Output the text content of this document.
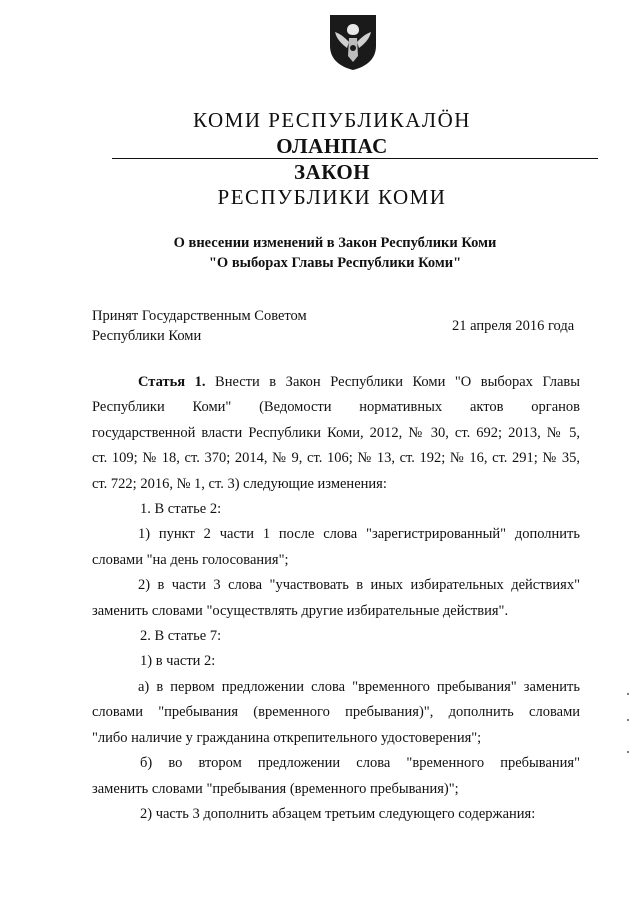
КОМИ РЕСПУБЛИКАЛӦН
ОЛАНПАС
ЗАКОН
РЕСПУБЛИКИ КОМИ
О внесении изменений в Закон Республики Коми
"О выборах Главы Республики Коми"
Принят Государственным Советом
Республики Коми
21 апреля 2016 года

Статья 1. Внести в Закон Республики Коми "О выборах Главы

Республики Коми" (Ведомости нормативных актов органов

государственной власти Республики Коми, 2012, № 30, ст. 692; 2013, № 5,

ст. 109; № 18, ст. 370; 2014, № 9, ст. 106; № 13, ст. 192; № 16, ст. 291; № 35,

ст. 722; 2016, № 1, ст. 3) следующие изменения:

1. В статье 2:

1) пункт 2 части 1 после слова "зарегистрированный" дополнить

словами "на день голосования";

2) в части 3 слова "участвовать в иных избирательных действиях"

заменить словами "осуществлять другие избирательные действия".

2. В статье 7:

1) в части 2:

а) в первом предложении слова "временного пребывания" заменить

словами "пребывания (временного пребывания)", дополнить словами

"либо наличие у гражданина открепительного удостоверения";

б) во втором предложении слова "временного пребывания"

заменить словами "пребывания (временного пребывания)";

2) часть 3 дополнить абзацем третьим следующего содержания:
